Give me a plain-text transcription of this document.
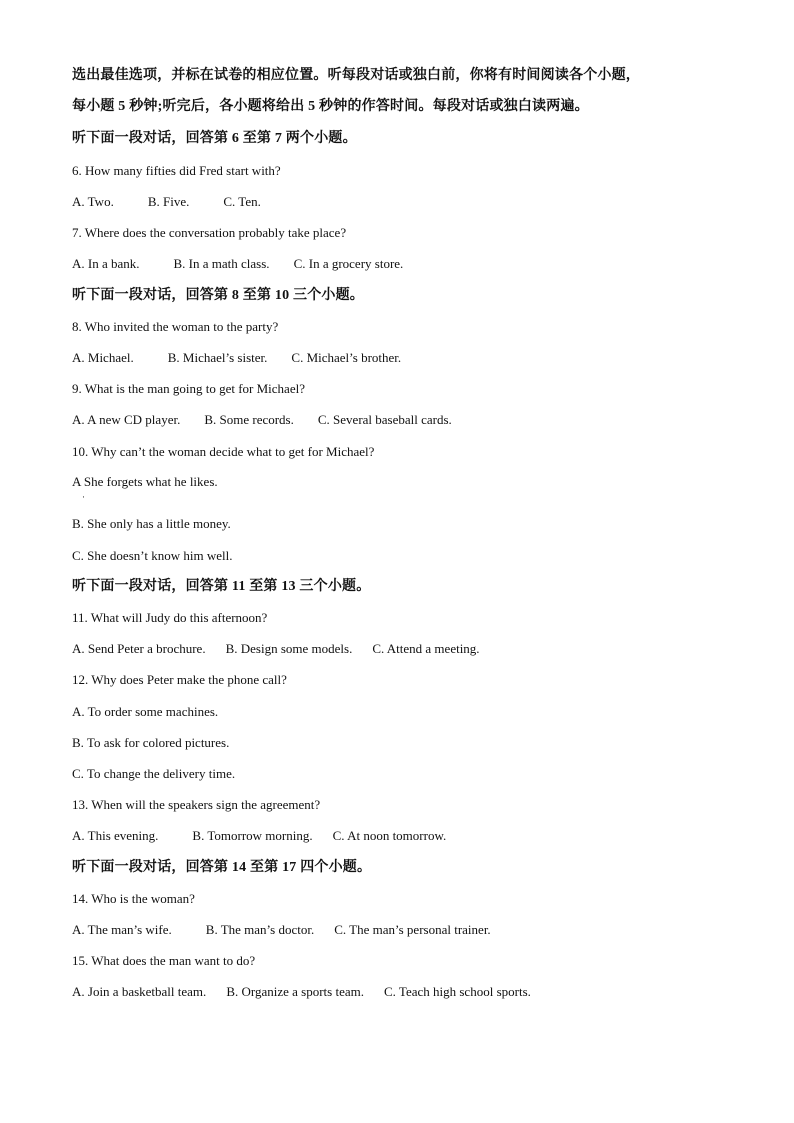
选出最佳选项，并标在试卷的相应位置。听每段对话或独白前，你将有时间阅读各个小题，
每小题 5 秒钟;听完后，各小题将给出 5 秒钟的作答时间。每段对话或独白读两遍。
听下面一段对话，回答第 6 至第 7 两个小题。
6. How many fifties did Fred start with?
A. Two.	B. Five.	C. Ten.
7. Where does the conversation probably take place?
A. In a bank.	B. In a math class. C. In a grocery store.
听下面一段对话，回答第 8 至第 10 三个小题。
8. Who invited the woman to the party?
A. Michael.	B. Michael’s sister. C. Michael’s brother.
9. What is the man going to get for Michael?
A. A new CD player. B. Some records. C. Several baseball cards.
10. Why can’t the woman decide what to get for Michael?
A She forgets what he likes.
·
B. She only has a little money.
C. She doesn’t know him well.
听下面一段对话，回答第 11 至第 13 三个小题。
11. What will Judy do this afternoon?
A. Send Peter a brochure. B. Design some models. C. Attend a meeting.
12. Why does Peter make the phone call?
A. To order some machines.
B. To ask for colored pictures.
C. To change the delivery time.
13. When will the speakers sign the agreement?
A. This evening.	B. Tomorrow morning. C. At noon tomorrow.
听下面一段对话，回答第 14 至第 17 四个小题。
14. Who is the woman?
A. The man’s wife.	B. The man’s doctor. C. The man’s personal trainer.
15. What does the man want to do?
A. Join a basketball team. B. Organize a sports team. C. Teach high school sports.
